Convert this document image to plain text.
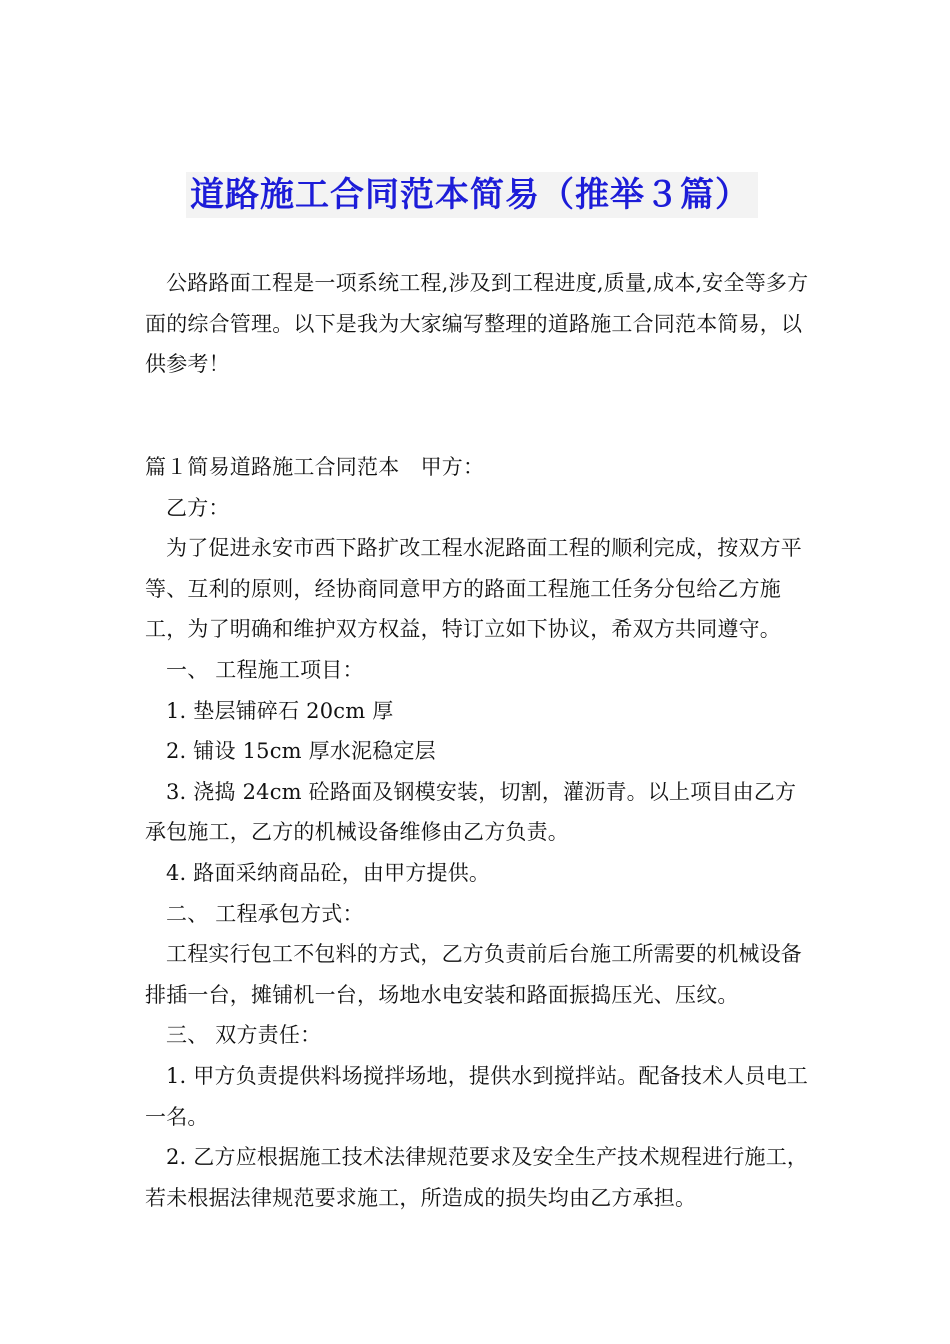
道路施工合同范本简易（推举３篇）

公路路面工程是一项系统工程,涉及到工程进度,质量,成本,安全等多方面的综合管理。以下是我为大家编写整理的道路施工合同范本简易，以供参考！

篇１简易道路施工合同范本　甲方：

乙方：

为了促进永安市西下路扩改工程水泥路面工程的顺利完成，按双方平等、互利的原则，经协商同意甲方的路面工程施工任务分包给乙方施工，为了明确和维护双方权益，特订立如下协议，希双方共同遵守。

一、 工程施工项目：

1. 垫层铺碎石 20cm 厚

2. 铺设 15cm 厚水泥稳定层

3. 浇捣 24cm 砼路面及钢模安装，切割，灌沥青。以上项目由乙方承包施工，乙方的机械设备维修由乙方负责。

4. 路面采纳商品砼，由甲方提供。

二、 工程承包方式：

工程实行包工不包料的方式，乙方负责前后台施工所需要的机械设备排插一台，摊铺机一台，场地水电安装和路面振捣压光、压纹。

三、 双方责任：

1. 甲方负责提供料场搅拌场地，提供水到搅拌站。配备技术人员电工一名。

2. 乙方应根据施工技术法律规范要求及安全生产技术规程进行施工，若未根据法律规范要求施工，所造成的损失均由乙方承担。
